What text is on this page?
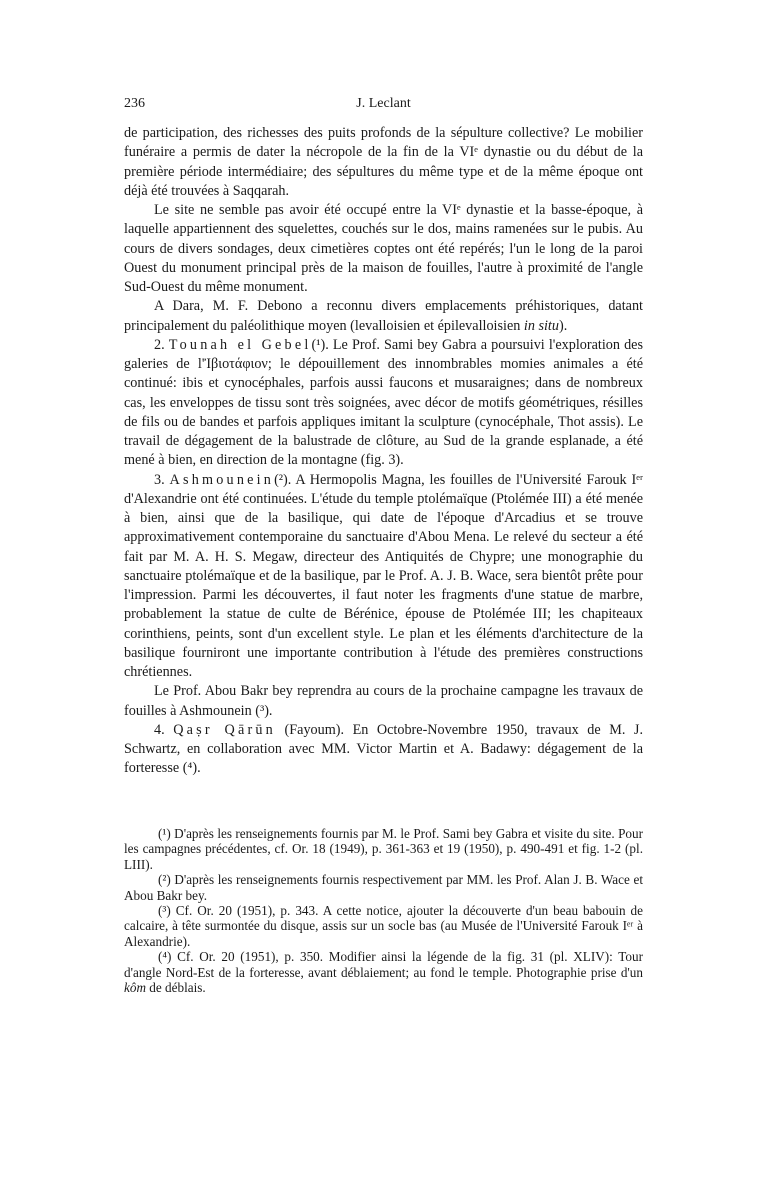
236	J. Leclant

de participation, des richesses des puits profonds de la sépulture collective? Le mobilier funéraire a permis de dater la nécropole de la fin de la VIᵉ dynastie ou du début de la première période intermédiaire; des sépultures du même type et de la même époque ont déjà été trouvées à Saqqarah.

Le site ne semble pas avoir été occupé entre la VIᵉ dynastie et la basse-époque, à laquelle appartiennent des squelettes, couchés sur le dos, mains ramenées sur le pubis. Au cours de divers sondages, deux cimetières coptes ont été repérés; l'un le long de la paroi Ouest du monument principal près de la maison de fouilles, l'autre à proximité de l'angle Sud-Ouest du même monument.

A Dara, M. F. Debono a reconnu divers emplacements préhistoriques, datant principalement du paléolithique moyen (levalloisien et épilevalloisien in situ).

2. Tounah el Gebel(¹). Le Prof. Sami bey Gabra a poursuivi l'exploration des galeries de l'Ἰβιοτάφιον; le dépouillement des innombrables momies animales a été continué: ibis et cynocéphales, parfois aussi faucons et musaraignes; dans de nombreux cas, les enveloppes de tissu sont très soignées, avec décor de motifs géométriques, résilles de fils ou de bandes et parfois appliques imitant la sculpture (cynocéphale, Thot assis). Le travail de dégagement de la balustrade de clôture, au Sud de la grande esplanade, a été mené à bien, en direction de la montagne (fig. 3).

3. Ashmounein(²). A Hermopolis Magna, les fouilles de l'Université Farouk Iᵉʳ d'Alexandrie ont été continuées. L'étude du temple ptolémaïque (Ptolémée III) a été menée à bien, ainsi que de la basilique, qui date de l'époque d'Arcadius et se trouve approximativement contemporaine du sanctuaire d'Abou Mena. Le relevé du secteur a été fait par M. A. H. S. Megaw, directeur des Antiquités de Chypre; une monographie du sanctuaire ptolémaïque et de la basilique, par le Prof. A. J. B. Wace, sera bientôt prête pour l'impression. Parmi les découvertes, il faut noter les fragments d'une statue de marbre, probablement la statue de culte de Bérénice, épouse de Ptolémée III; les chapiteaux corinthiens, peints, sont d'un excellent style. Le plan et les éléments d'architecture de la basilique fourniront une importante contribution à l'étude des premières constructions chrétiennes.

Le Prof. Abou Bakr bey reprendra au cours de la prochaine campagne les travaux de fouilles à Ashmounein (³).

4. Qaṣr Qārūn (Fayoum). En Octobre-Novembre 1950, travaux de M. J. Schwartz, en collaboration avec MM. Victor Martin et A. Badawy: dégagement de la forteresse (⁴).

(¹) D'après les renseignements fournis par M. le Prof. Sami bey Gabra et visite du site. Pour les campagnes précédentes, cf. Or. 18 (1949), p. 361-363 et 19 (1950), p. 490-491 et fig. 1-2 (pl. LIII).

(²) D'après les renseignements fournis respectivement par MM. les Prof. Alan J. B. Wace et Abou Bakr bey.

(³) Cf. Or. 20 (1951), p. 343. A cette notice, ajouter la découverte d'un beau babouin de calcaire, à tête surmontée du disque, assis sur un socle bas (au Musée de l'Université Farouk Iᵉʳ à Alexandrie).

(⁴) Cf. Or. 20 (1951), p. 350. Modifier ainsi la légende de la fig. 31 (pl. XLIV): Tour d'angle Nord-Est de la forteresse, avant déblaiement; au fond le temple. Photographie prise d'un kôm de déblais.
